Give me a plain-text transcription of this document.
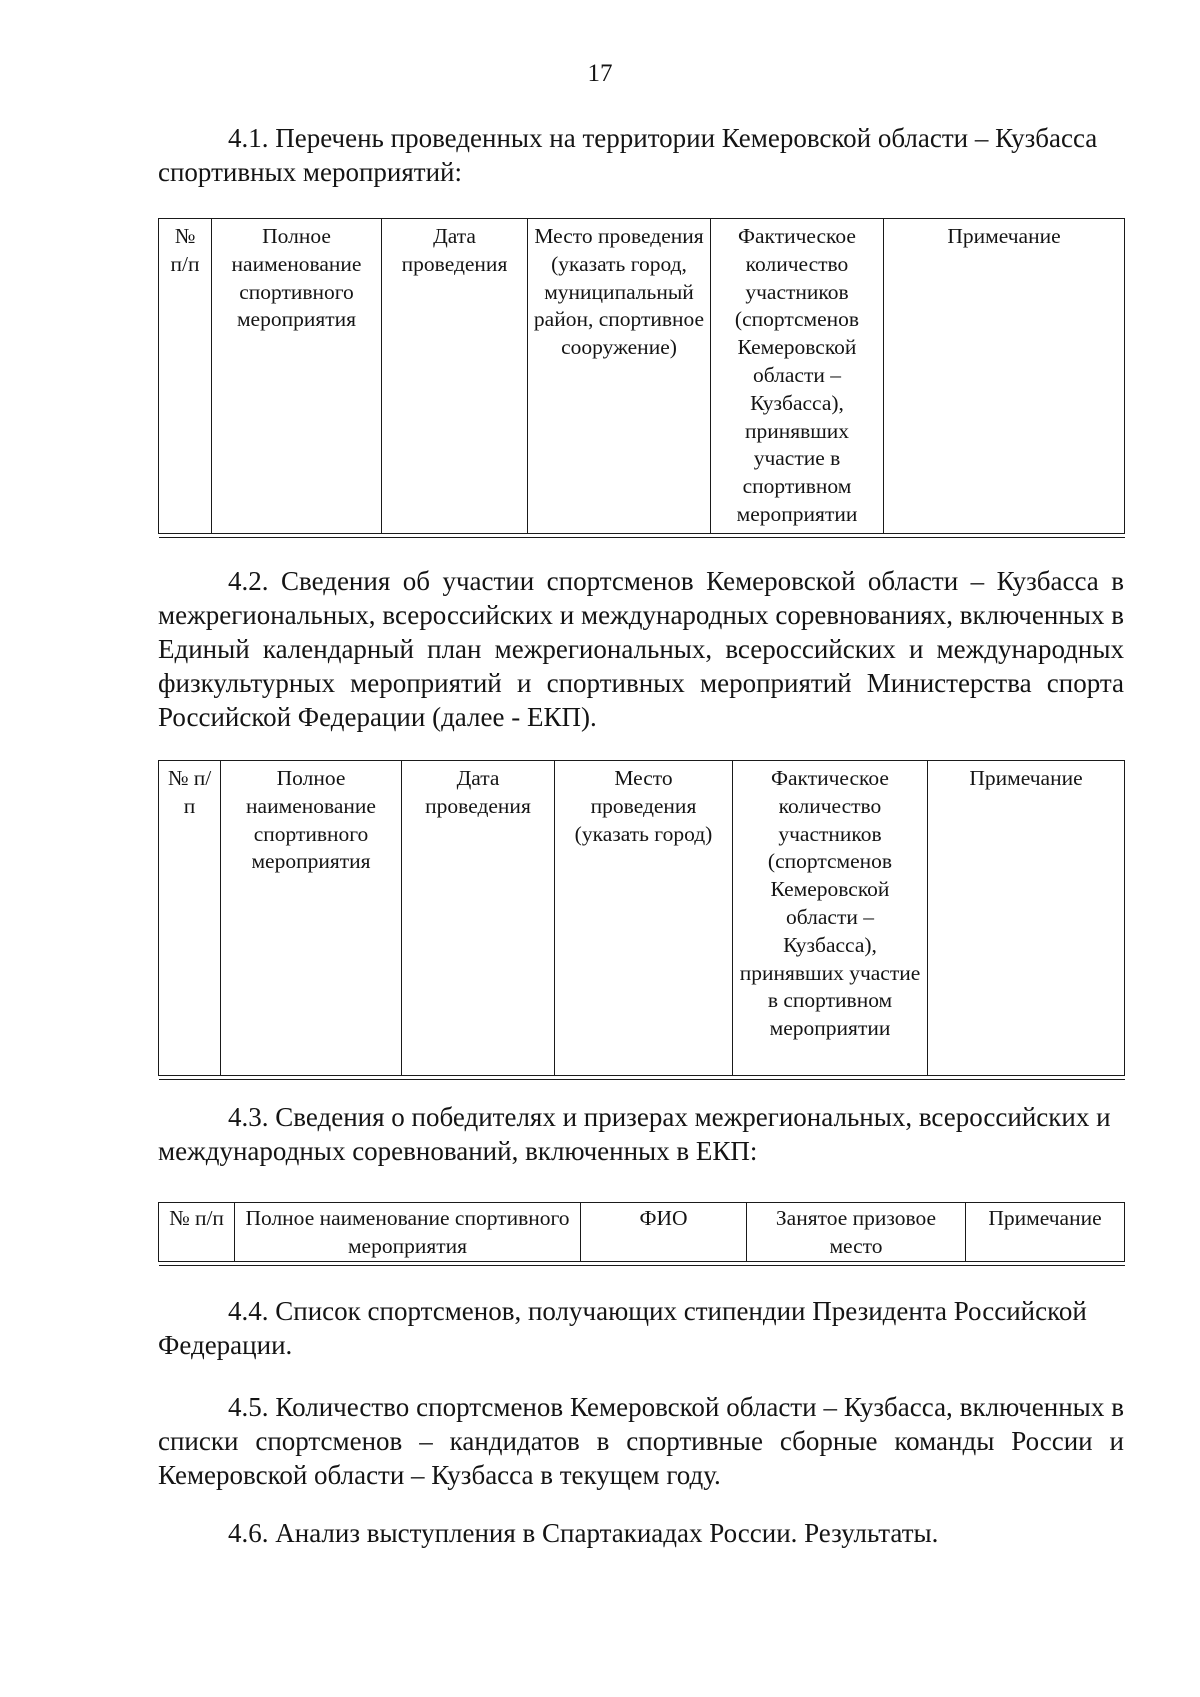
17

4.1. Перечень проведенных на территории Кемеровской области – Кузбасса спортивных мероприятий:

№ п/п	Полное наименование спортивного мероприятия	Дата проведения	Место проведения (указать город, муниципальный район, спортивное сооружение)	Фактическое количество участников (спортсменов Кемеровской области – Кузбасса), принявших участие в спортивном мероприятии	Примечание

4.2. Сведения об участии спортсменов Кемеровской области – Кузбасса в межрегиональных, всероссийских и международных соревнованиях, включенных в Единый календарный план межрегиональных, всероссийских и международных физкультурных мероприятий и спортивных мероприятий Министерства спорта Российской Федерации (далее - ЕКП).

№ п/п	Полное наименование спортивного мероприятия	Дата проведения	Место проведения (указать город)	Фактическое количество участников (спортсменов Кемеровской области – Кузбасса), принявших участие в спортивном мероприятии	Примечание

4.3. Сведения о победителях и призерах межрегиональных, всероссийских и международных соревнований, включенных в ЕКП:

№ п/п	Полное наименование спортивного мероприятия	ФИО	Занятое призовое место	Примечание

4.4. Список спортсменов, получающих стипендии Президента Российской Федерации.

4.5. Количество спортсменов Кемеровской области – Кузбасса, включенных в списки спортсменов – кандидатов в спортивные сборные команды России и Кемеровской области – Кузбасса в текущем году.

4.6. Анализ выступления в Спартакиадах России. Результаты.
